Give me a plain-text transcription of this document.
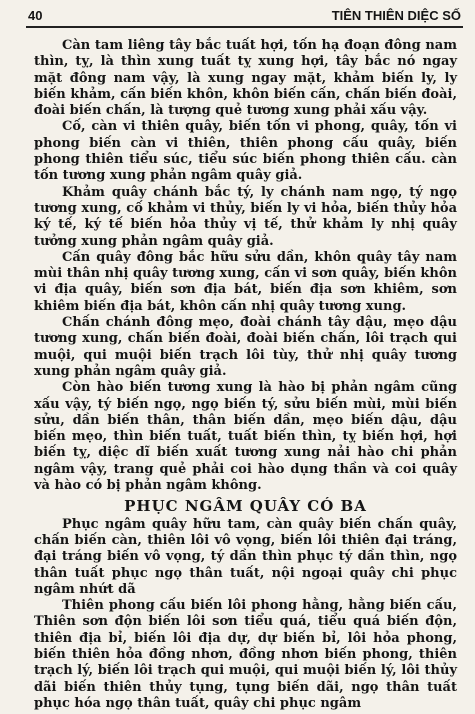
40	TIÊN THIÊN DIỆC SỐ

Càn tam liêng tây bắc tuất hợi, tốn hạ đoạn đông nam thìn, tỵ, là thìn xung tuất tỵ xung hợi, tây bắc nó ngay mặt đông nam vậy, là xung ngay mặt, khảm biến ly, ly biến khảm, cấn biến khôn, khôn biến cấn, chấn biến đoài, đoài biến chấn, là tượng quẻ tương xung phải xấu vậy.

Cố, càn vi thiên quây, biến tốn vi phong, quây, tốn vi phong biến càn vi thiên, thiên phong cấu quây, biến phong thiên tiểu súc, tiểu súc biến phong thiên cấu. càn tốn tương xung phản ngâm quây giả.

Khảm quây chánh bắc tý, ly chánh nam ngọ, tý ngọ tương xung, cố khảm vi thủy, biến ly vi hỏa, biến thủy hỏa ký tế, ký tế biến hỏa thủy vị tế, thử khảm ly nhị quây tưởng xung phản ngâm quây giả.

Cấn quây đông bắc hữu sửu dần, khôn quây tây nam mùi thân nhị quây tương xung, cấn vi sơn quây, biến khôn vi địa quây, biến sơn địa bát, biến địa sơn khiêm, sơn khiêm biến địa bát, khôn cấn nhị quây tương xung.

Chấn chánh đông mẹo, đoài chánh tây dậu, mẹo dậu tương xung, chấn biến đoài, đoài biến chấn, lôi trạch qui muội, qui muội biến trạch lôi tùy, thử nhị quây tương xung phản ngâm quây giả.

Còn hào biến tương xung là hào bị phản ngâm cũng xấu vậy, tý biến ngọ, ngọ biến tý, sửu biến mùi, mùi biến sửu, dần biến thân, thân biến dần, mẹo biến dậu, dậu biến mẹo, thìn biến tuất, tuất biến thìn, tỵ biến hợi, hợi biến tỵ, diệc dĩ biến xuất tương xung nải hào chi phản ngâm vậy, trang quẻ phải coi hào dụng thần và coi quây và hào có bị phản ngâm không.

PHỤC NGÂM QUÂY CÓ BA

Phục ngâm quây hữu tam, càn quây biến chấn quây, chấn biến càn, thiên lôi vô vọng, biến lôi thiên đại tráng, đại tráng biến vô vọng, tý dần thìn phục tý dần thìn, ngọ thân tuất phục ngọ thân tuất, nội ngoại quây chi phục ngâm nhứt dã

Thiên phong cấu biến lôi phong hằng, hằng biến cấu, Thiên sơn độn biến lôi sơn tiểu quá, tiểu quá biến độn, thiên địa bỉ, biến lôi địa dự, dự biến bỉ, lôi hỏa phong, biến thiên hỏa đồng nhơn, đồng nhơn biến phong, thiên trạch lý, biến lôi trạch qui muội, qui muội biến lý, lôi thủy dãi biến thiên thủy tụng, tụng biến dãi, ngọ thân tuất phục hóa ngọ thân tuất, quây chi phục ngâm
